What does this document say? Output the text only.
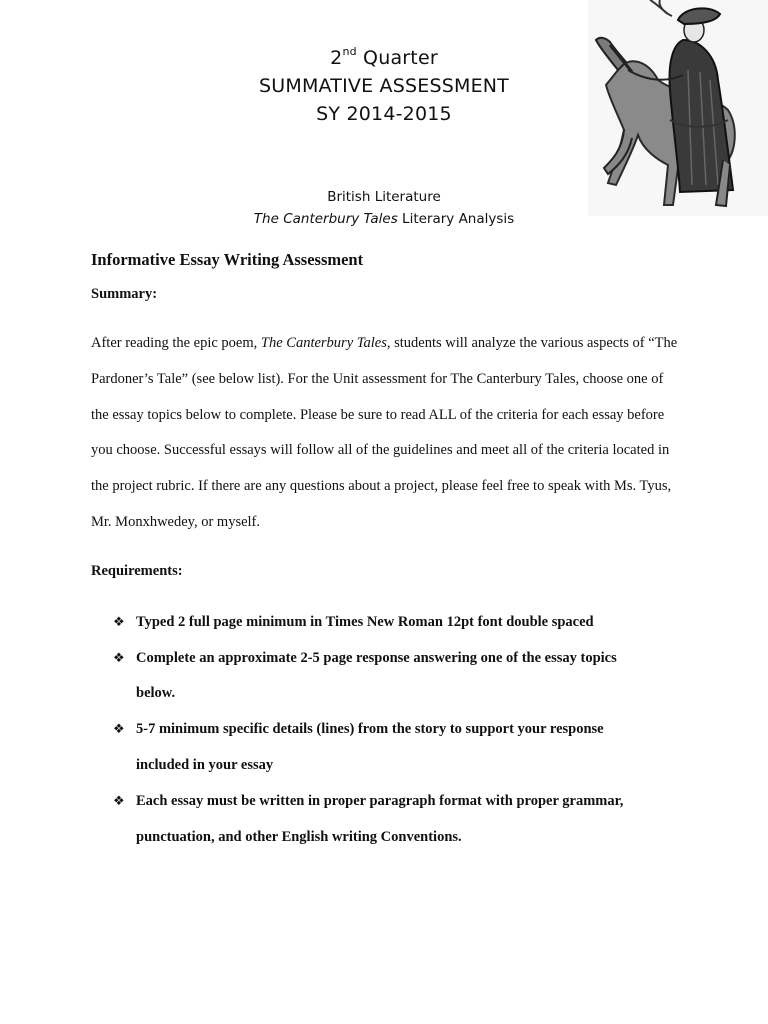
2nd Quarter
SUMMATIVE ASSESSMENT
SY 2014-2015
British Literature
The Canterbury Tales Literary Analysis
Informative Essay Writing Assessment
Summary:

After reading the epic poem, The Canterbury Tales, students will analyze the various aspects of “The Pardoner’s Tale” (see below list). For the Unit assessment for The Canterbury Tales, choose one of the essay topics below to complete. Please be sure to read ALL of the criteria for each essay before you choose. Successful essays will follow all of the guidelines and meet all of the criteria located in the project rubric. If there are any questions about a project, please feel free to speak with Ms. Tyus, Mr. Monxhwedey, or myself.

Requirements:
❖ Typed 2 full page minimum in Times New Roman 12pt font double spaced
❖ Complete an approximate 2-5 page response answering one of the essay topics below.
❖ 5-7 minimum specific details (lines) from the story to support your response included in your essay
❖ Each essay must be written in proper paragraph format with proper grammar, punctuation, and other English writing Conventions.
